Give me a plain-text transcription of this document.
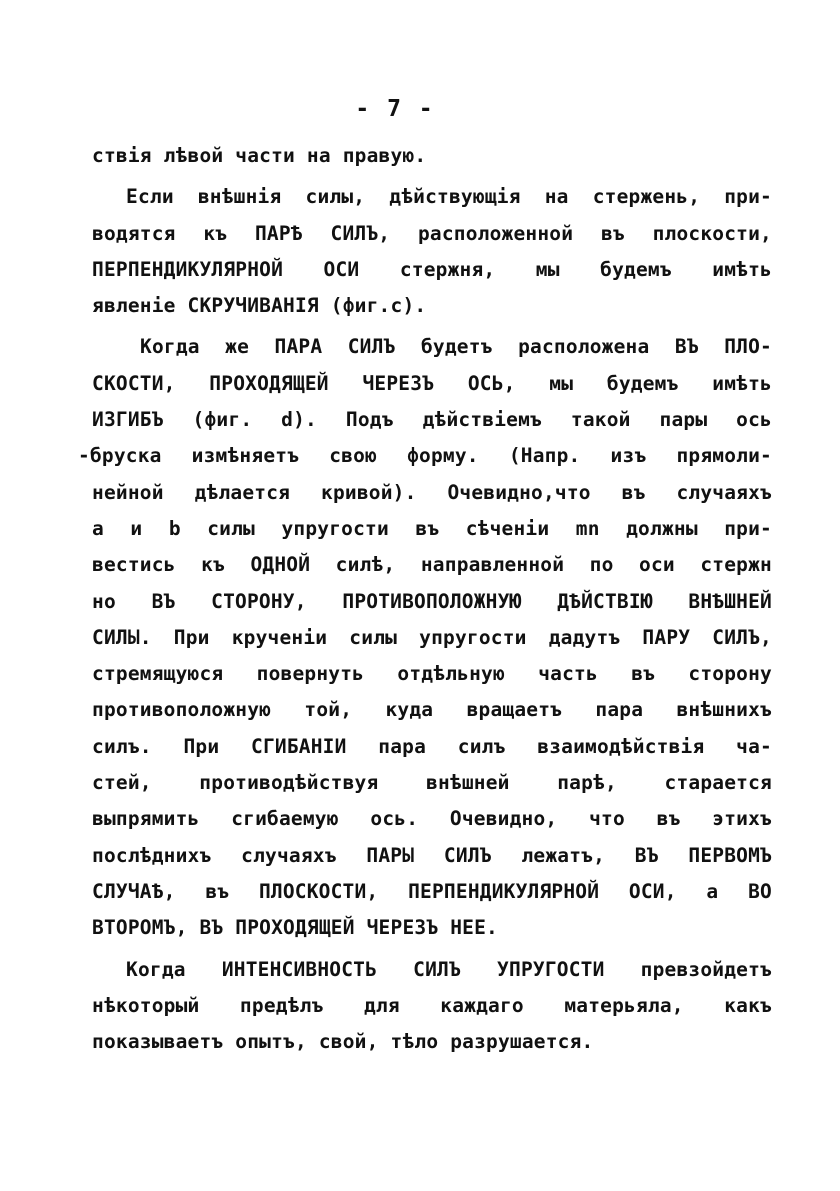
- 7 -
ствія лѣвой части на правую.
Если внѣшнія силы, дѣйствующія на стержень, при-
водятся къ ПАРѢ СИЛЪ, расположенной въ плоскости,
ПЕРПЕНДИКУЛЯРНОЙ ОСИ стержня, мы будемъ имѣть
явленіе СКРУЧИВАНІЯ (фиг.с).
Когда же ПАРА СИЛЪ будетъ расположена ВЪ ПЛО-
СКОСТИ, ПРОХОДЯЩЕЙ ЧЕРЕЗЪ ОСЬ, мы будемъ имѣть
ИЗГИБЪ (фиг. d). Подъ дѣйствіемъ такой пары ось
-бруска измѣняетъ свою форму. (Напр. изъ прямоли-
нейной дѣлается кривой). Очевидно,что въ случаяхъ
a и b силы упругости въ сѣченіи mn должны при-
вестись къ ОДНОЙ силѣ, направленной по оси стержн
но ВЪ СТОРОНУ, ПРОТИВОПОЛОЖНУЮ ДѢЙСТВІЮ ВНѢШНЕЙ
СИЛЫ. При крученіи силы упругости дадутъ ПАРУ СИЛЪ,
стремящуюся повернуть отдѣльную часть въ сторону
противоположную той, куда вращаетъ пара внѣшнихъ
силъ. При СГИБАНІИ пара силъ взаимодѣйствія ча-
стей, противодѣйствуя внѣшней парѣ, старается
выпрямить сгибаемую ось. Очевидно, что въ этихъ
послѣднихъ случаяхъ ПАРЫ СИЛЪ лежатъ, ВЪ ПЕРВОМЪ
СЛУЧАѢ, въ ПЛОСКОСТИ, ПЕРПЕНДИКУЛЯРНОЙ ОСИ, а ВО
ВТОРОМЪ, ВЪ ПРОХОДЯЩЕЙ ЧЕРЕЗЪ НЕЕ.
Когда ИНТЕНСИВНОСТЬ СИЛЪ УПРУГОСТИ превзойдетъ
нѣкоторый предѣлъ для каждаго матерьяла, какъ
показываетъ опытъ, свой, тѣло разрушается.
